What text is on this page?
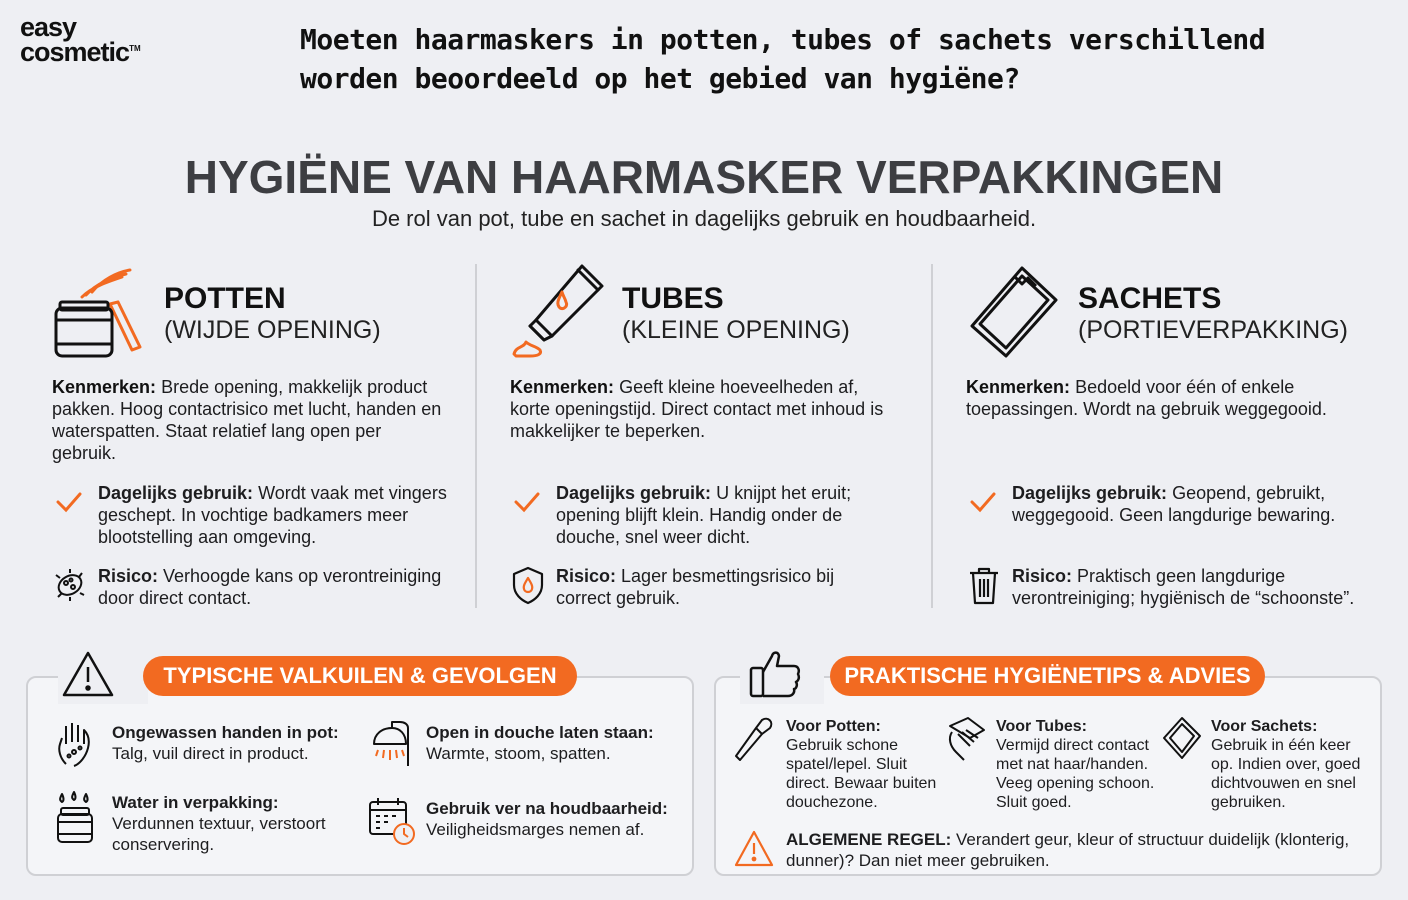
easy
cosmetic™	Moeten haarmaskers in potten, tubes of sachets verschillend worden beoordeeld op het gebied van hygiëne?
HYGIËNE VAN HAARMASKER VERPAKKINGEN
De rol van pot, tube en sachet in dagelijks gebruik en houdbaarheid.
POTTEN
(WIJDE OPENING)
Kenmerken: Brede opening, makkelijk product pakken. Hoog contactrisico met lucht, handen en waterspatten. Staat relatief lang open per gebruik.
Dagelijks gebruik: Wordt vaak met vingers geschept. In vochtige badkamers meer blootstelling aan omgeving.
Risico: Verhoogde kans op verontreiniging door direct contact.
TUBES
(KLEINE OPENING)
Kenmerken: Geeft kleine hoeveelheden af, korte openingstijd. Direct contact met inhoud is makkelijker te beperken.
Dagelijks gebruik: U knijpt het eruit; opening blijft klein. Handig onder de douche, snel weer dicht.
Risico: Lager besmettingsrisico bij correct gebruik.
SACHETS
(PORTIEVERPAKKING)
Kenmerken: Bedoeld voor één of enkele toepassingen. Wordt na gebruik weggegooid.
Dagelijks gebruik: Geopend, gebruikt, weggegooid. Geen langdurige bewaring.
Risico: Praktisch geen langdurige verontreiniging; hygiënisch de “schoonste”.
TYPISCHE VALKUILEN & GEVOLGEN
Ongewassen handen in pot:
Talg, vuil direct in product.
Open in douche laten staan:
Warmte, stoom, spatten.
Water in verpakking:
Verdunnen textuur, verstoort conservering.
Gebruik ver na houdbaarheid:
Veiligheidsmarges nemen af.
PRAKTISCHE HYGIËNETIPS & ADVIES
Voor Potten:
Gebruik schone spatel/lepel. Sluit direct. Bewaar buiten douchezone.
Voor Tubes:
Vermijd direct contact met nat haar/handen. Veeg opening schoon. Sluit goed.
Voor Sachets:
Gebruik in één keer op. Indien over, goed dichtvouwen en snel gebruiken.
ALGEMENE REGEL: Verandert geur, kleur of structuur duidelijk (klonterig, dunner)? Dan niet meer gebruiken.
